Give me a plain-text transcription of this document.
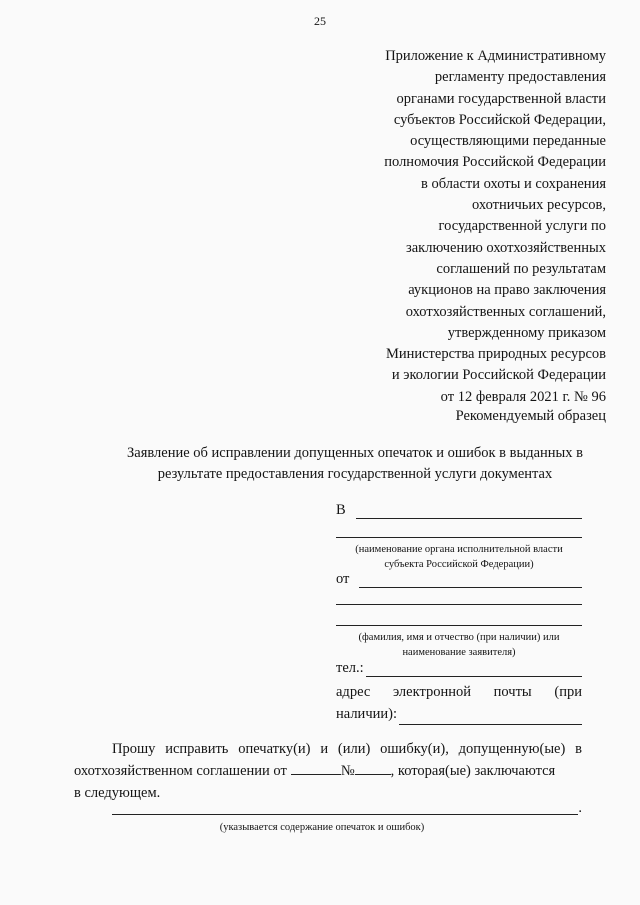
25
Приложение к Административному
регламенту предоставления
органами государственной власти
субъектов Российской Федерации,
осуществляющими переданные
полномочия Российской Федерации
в области охоты и сохранения
охотничьих ресурсов,
государственной услуги по
заключению охотхозяйственных
соглашений по результатам
аукционов на право заключения
охотхозяйственных соглашений,
утвержденному приказом
Министерства природных ресурсов
и экологии Российской Федерации
от 12 февраля 2021 г. № 96
Рекомендуемый образец
Заявление об исправлении допущенных опечаток и ошибок в выданных в
результате предоставления государственной услуги документах
В
(наименование органа исполнительной власти
субъекта Российской Федерации)
от
(фамилия, имя и отчество (при наличии) или
наименование заявителя)
тел.:
адрес электронной почты (при
наличии):
Прошу исправить опечатку(и) и (или) ошибку(и), допущенную(ые) в
охотхозяйственном соглашении от	№ , которая(ые) заключаются
в следующем.
.
(указывается содержание опечаток и ошибок)
